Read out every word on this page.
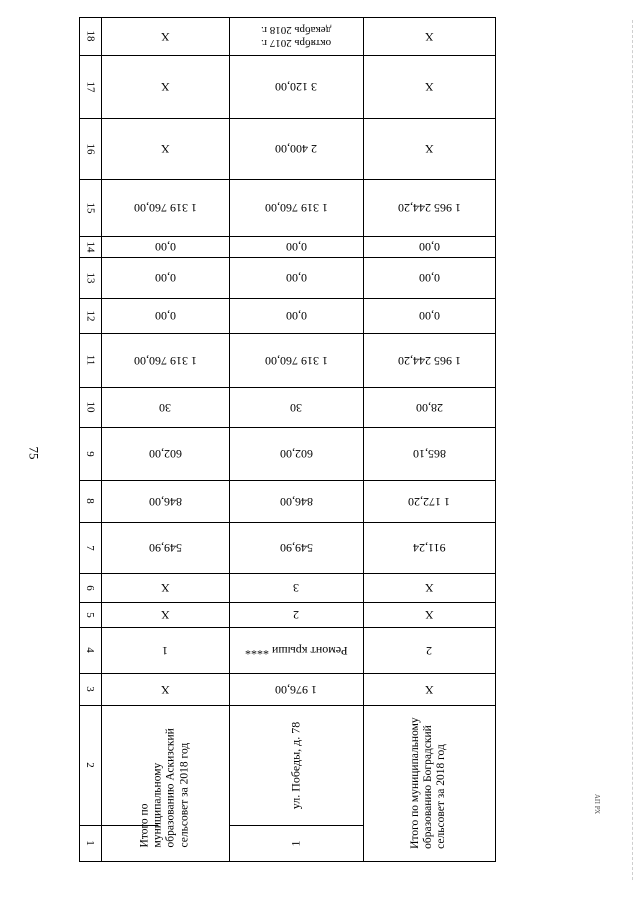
75
АП РХ
18
17
16
15
14
13
12
11
10
9
8
7
6
5
4
3
2
1
X
X
X
1 319 760,00
0,00
0,00
0,00
1 319 760,00
30
602,00
846,00
549,90
X
X
1
X
Итого по муниципальному образованию Аскизский сельсовет за 2018 год
декабрь 2018 г.
октябрь 2017 г.
3 120,00
2 400,00
1 319 760,00
0,00
0,00
0,00
1 319 760,00
30
602,00
846,00
549,90
3
2
Ремонт крыши ****
1 976,00
ул. Победы, д. 78
1
X
X
X
1 965 244,20
0,00
0,00
0,00
1 965 244,20
28,00
865,10
1 172,20
911,24
X
X
2
X
Итого по муниципальному образованию Боградский сельсовет за 2018 год
